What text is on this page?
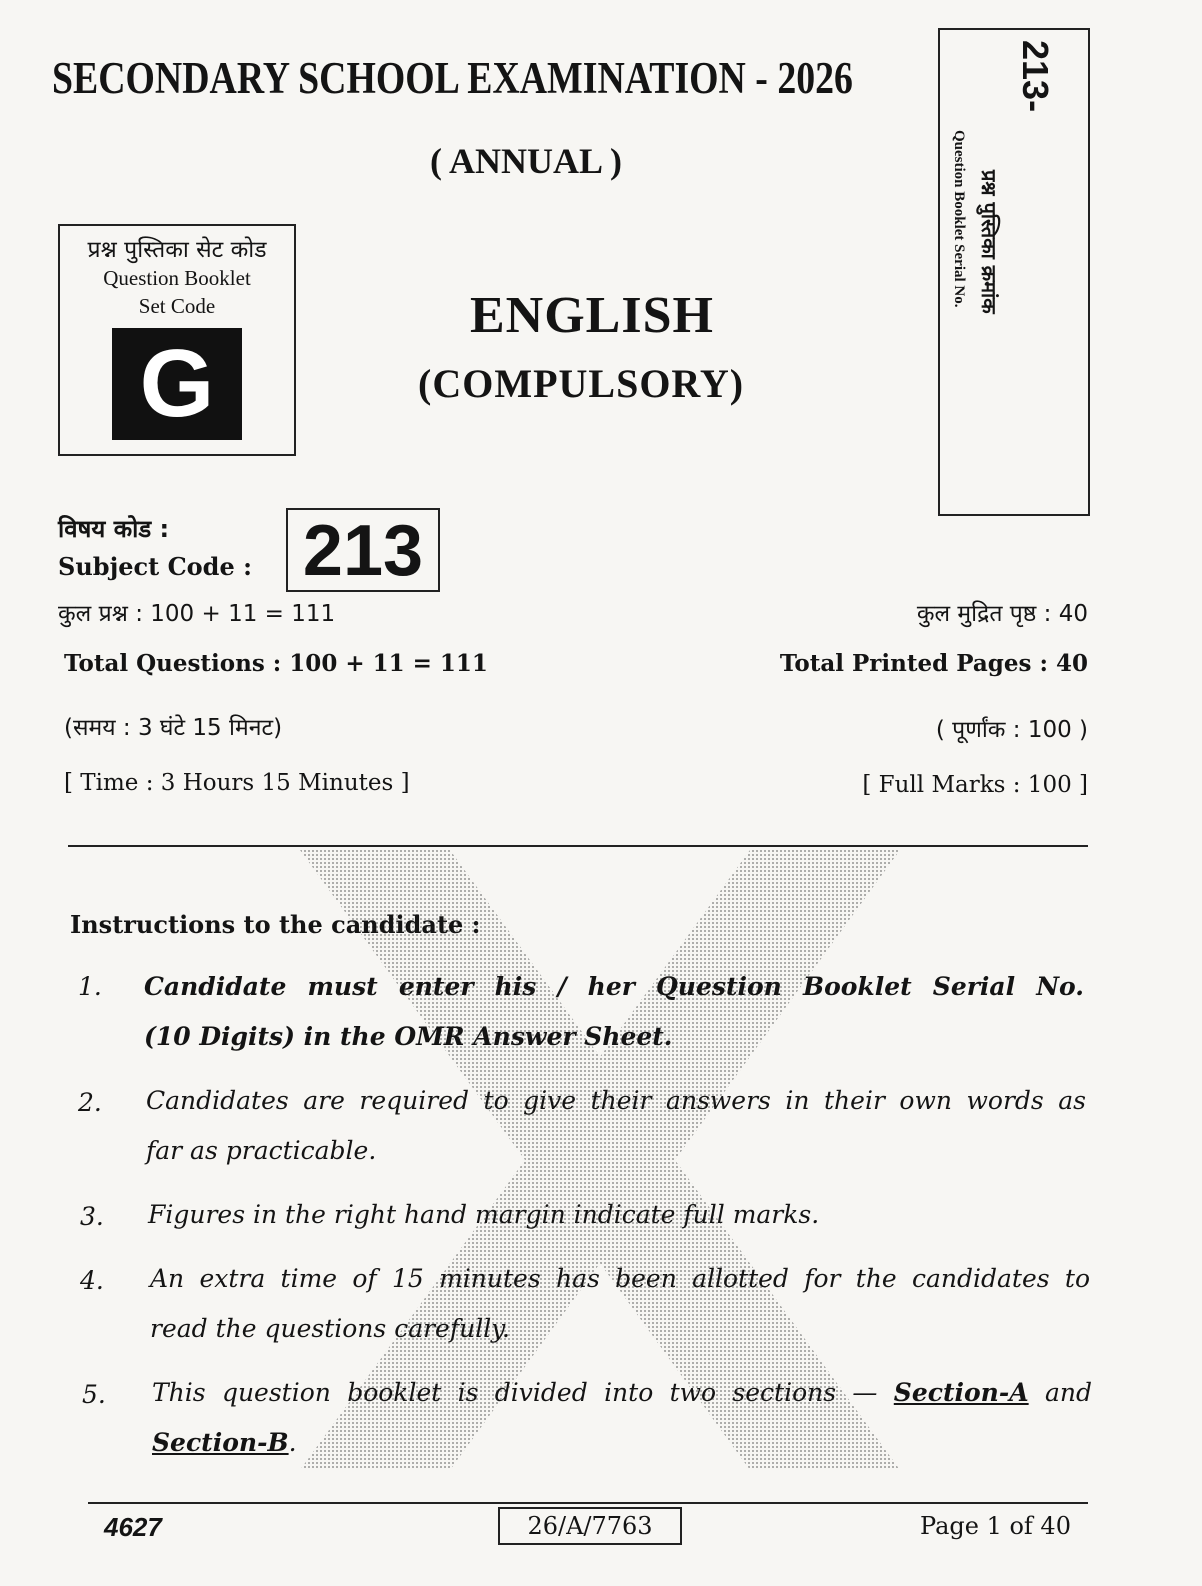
SECONDARY SCHOOL EXAMINATION - 2026
( ANNUAL )
प्रश्न पुस्तिका सेट कोड
Question Booklet
Set Code
G
ENGLISH
(COMPULSORY)
213-
प्रश्न पुस्तिका क्रमांक
Question Booklet Serial No.
विषय कोड :
Subject Code : 213
कुल प्रश्न : 100 + 11 = 111	कुल मुद्रित पृष्ठ : 40
Total Questions : 100 + 11 = 111	Total Printed Pages : 40
(समय : 3 घंटे 15 मिनट)	( पूर्णांक : 100 )
[ Time : 3 Hours 15 Minutes ]	[ Full Marks : 100 ]
Instructions to the candidate :
1. Candidate must enter his / her Question Booklet Serial No.
(10 Digits) in the OMR Answer Sheet.
2. Candidates are required to give their answers in their own words as
far as practicable.
3. Figures in the right hand margin indicate full marks.
4. An extra time of 15 minutes has been allotted for the candidates to
read the questions carefully.
5. This question booklet is divided into two sections — Section-A and
Section-B.
4627	26/A/7763	Page 1 of 40
